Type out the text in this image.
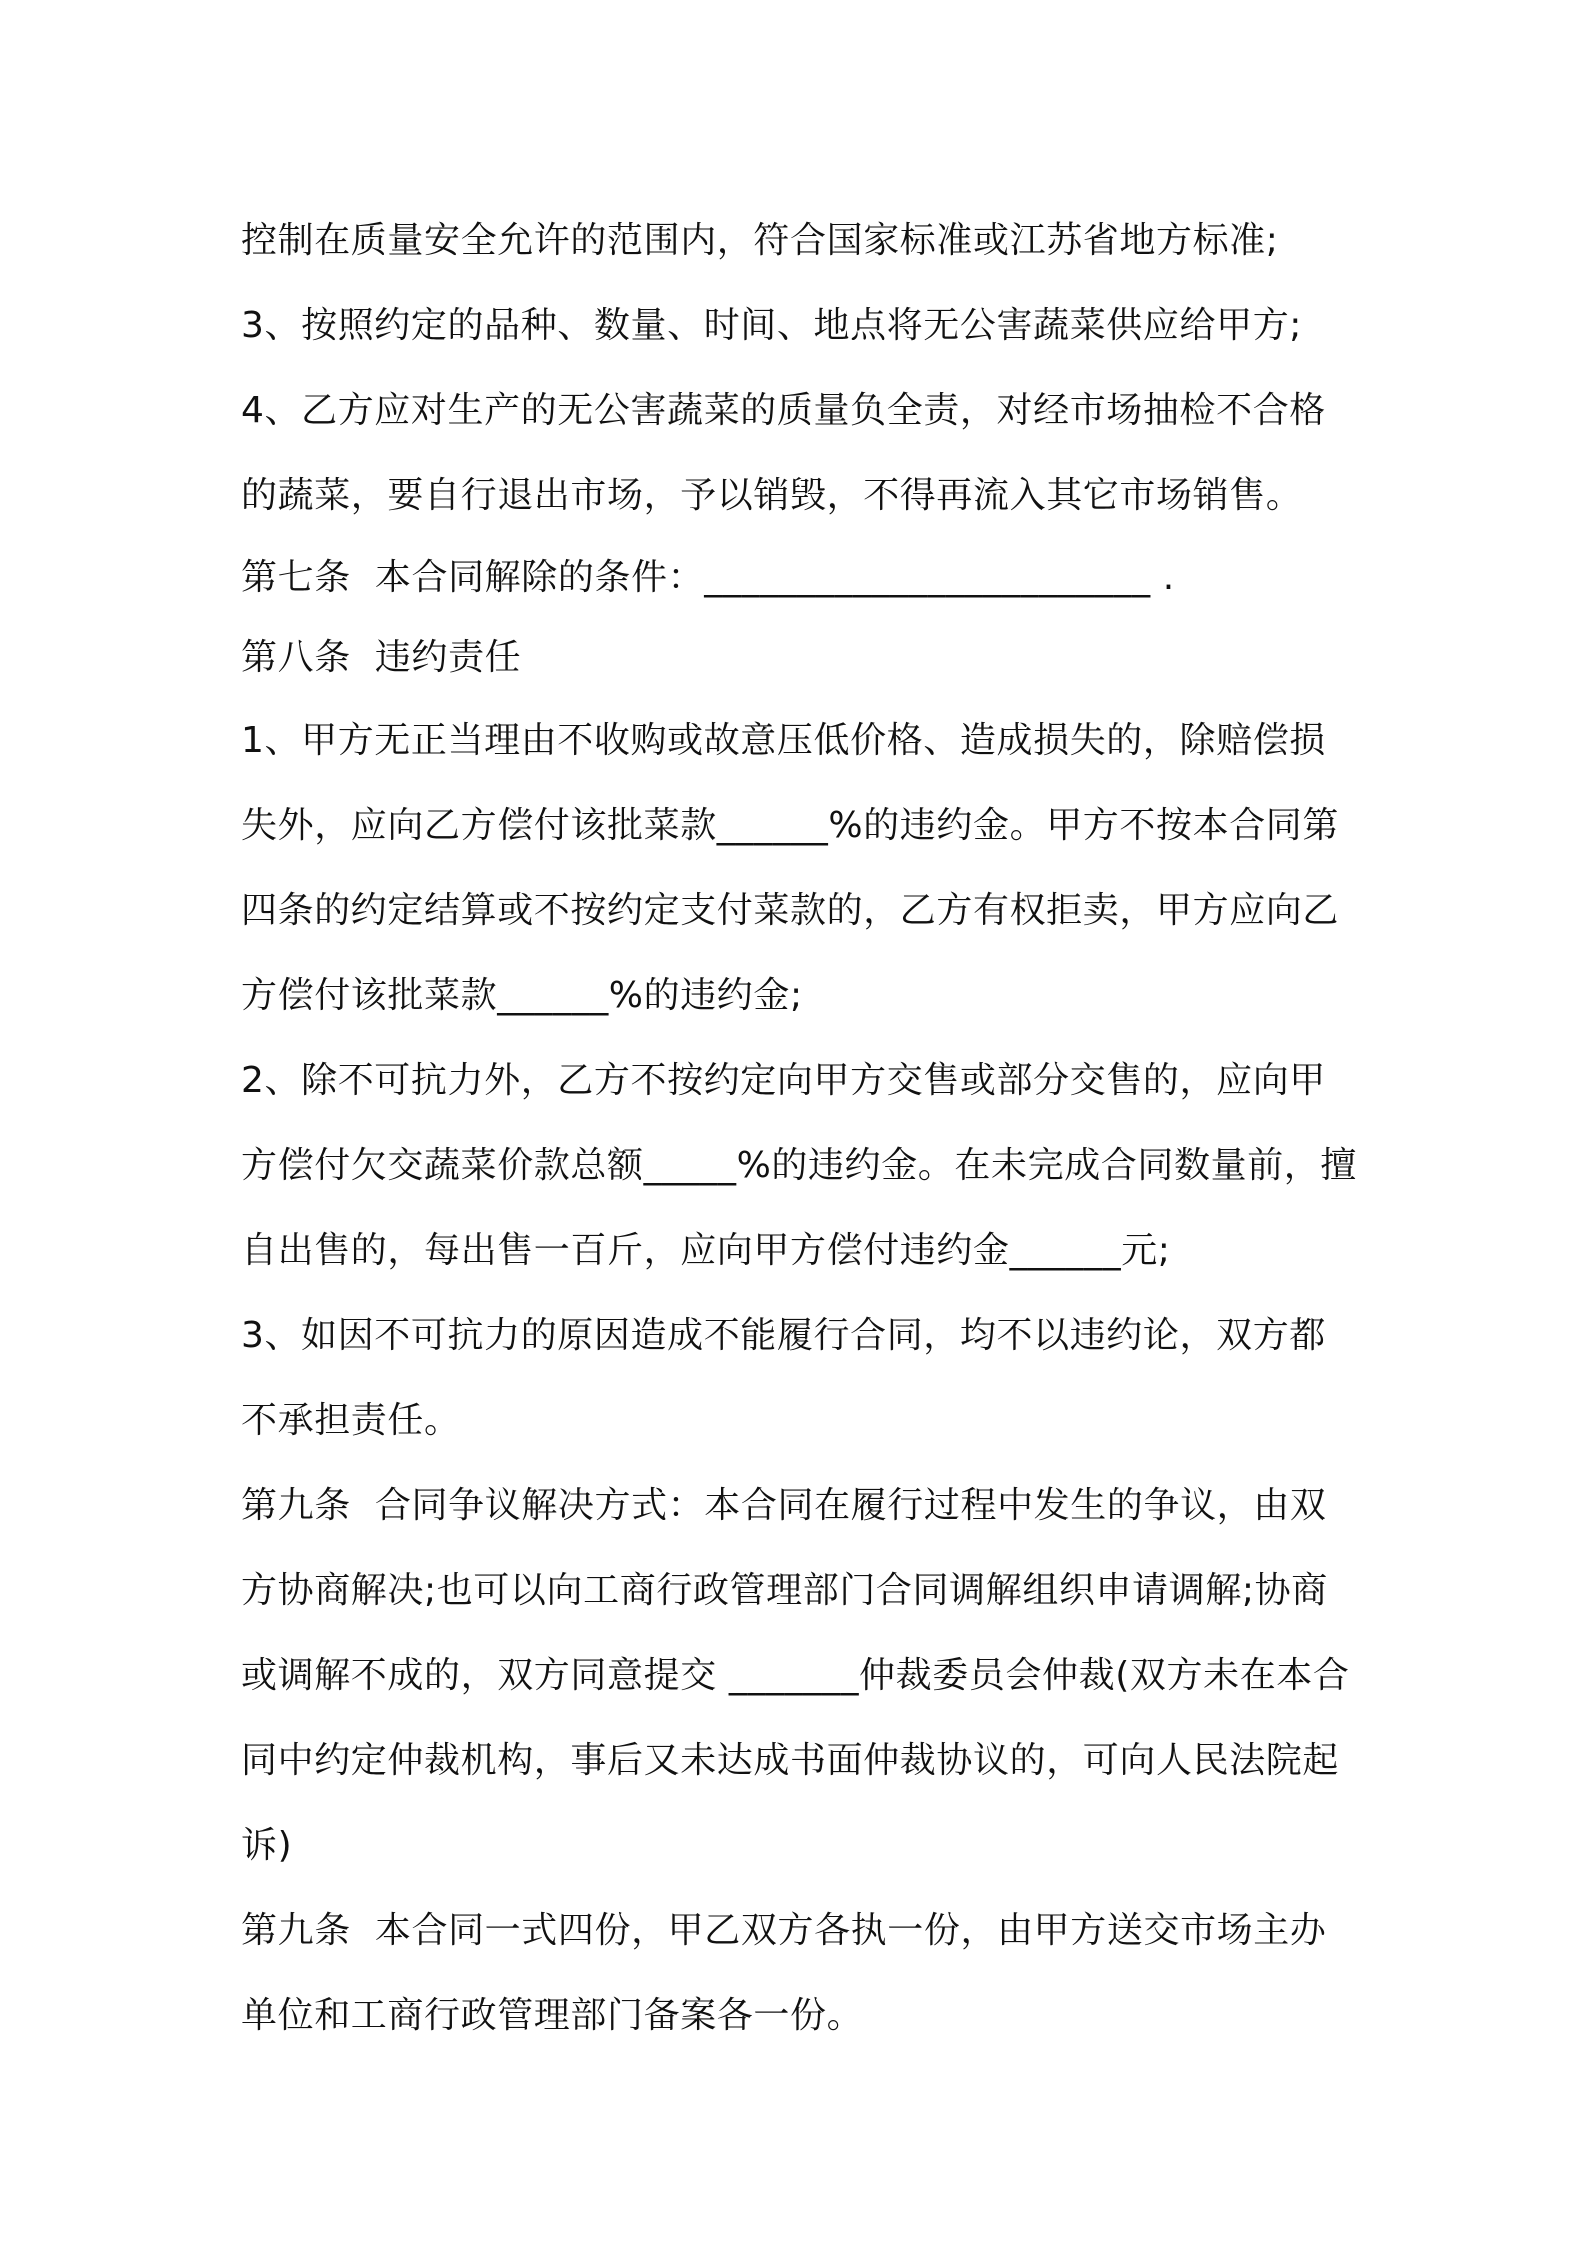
控制在质量安全允许的范围内，符合国家标准或江苏省地方标准;

3、按照约定的品种、数量、时间、地点将无公害蔬菜供应给甲方;

4、乙方应对生产的无公害蔬菜的质量负全责，对经市场抽检不合格的蔬菜，要自行退出市场，予以销毁，不得再流入其它市场销售。

第七条  本合同解除的条件：________________________ .

第八条  违约责任

1、甲方无正当理由不收购或故意压低价格、造成损失的，除赔偿损失外，应向乙方偿付该批菜款______%的违约金。甲方不按本合同第四条的约定结算或不按约定支付菜款的，乙方有权拒卖，甲方应向乙方偿付该批菜款______%的违约金;

2、除不可抗力外，乙方不按约定向甲方交售或部分交售的，应向甲方偿付欠交蔬菜价款总额_____%的违约金。在未完成合同数量前，擅自出售的，每出售一百斤，应向甲方偿付违约金______元;

3、如因不可抗力的原因造成不能履行合同，均不以违约论，双方都不承担责任。

第九条  合同争议解决方式：本合同在履行过程中发生的争议，由双方协商解决;也可以向工商行政管理部门合同调解组织申请调解;协商或调解不成的，双方同意提交 _______仲裁委员会仲裁(双方未在本合同中约定仲裁机构，事后又未达成书面仲裁协议的，可向人民法院起诉)

第九条  本合同一式四份，甲乙双方各执一份，由甲方送交市场主办单位和工商行政管理部门备案各一份。
